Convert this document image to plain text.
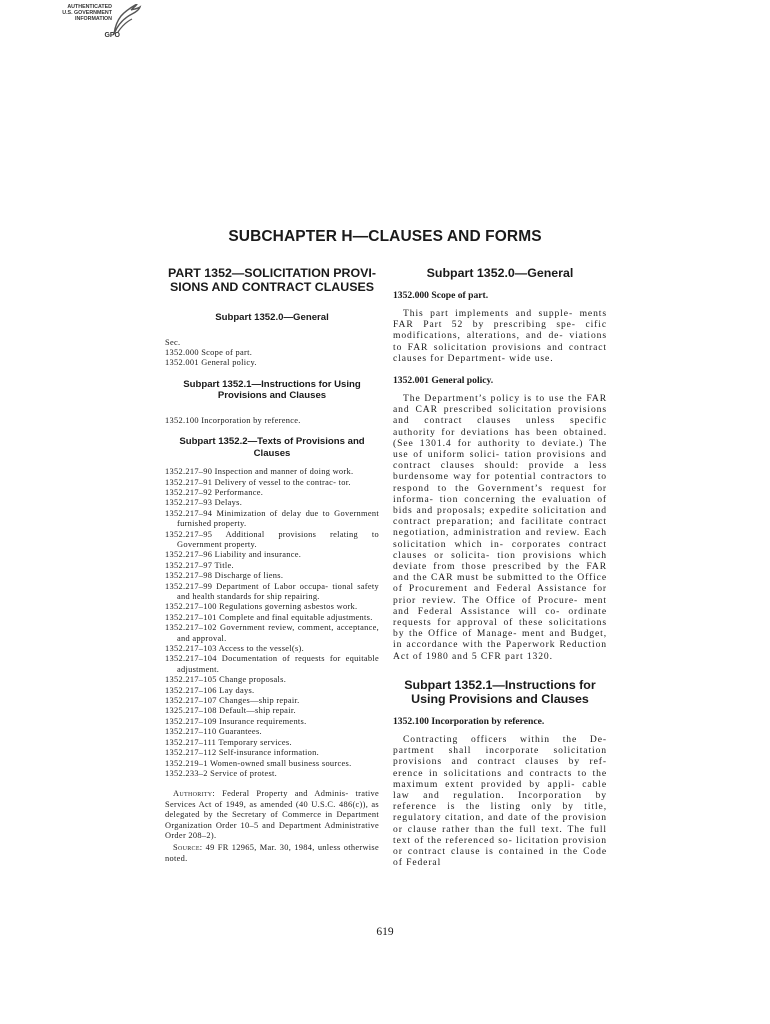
AUTHENTICATED
U.S. GOVERNMENT
INFORMATION
GPO
SUBCHAPTER H—CLAUSES AND FORMS
PART 1352—SOLICITATION PROVI- SIONS AND CONTRACT CLAUSES
Subpart 1352.0—General
Sec.
1352.000 Scope of part.
1352.001 General policy.
Subpart 1352.1—Instructions for Using Provisions and Clauses
1352.100 Incorporation by reference.
Subpart 1352.2—Texts of Provisions and Clauses
1352.217–90 Inspection and manner of doing work.
1352.217–91 Delivery of vessel to the contrac- tor.
1352.217–92 Performance.
1352.217–93 Delays.
1352.217–94 Minimization of delay due to Government furnished property.
1352.217–95 Additional provisions relating to Government property.
1352.217–96 Liability and insurance.
1352.217–97 Title.
1352.217–98 Discharge of liens.
1352.217–99 Department of Labor occupa- tional safety and health standards for ship repairing.
1352.217–100 Regulations governing asbestos work.
1352.217–101 Complete and final equitable adjustments.
1352.217–102 Government review, comment, acceptance, and approval.
1352.217–103 Access to the vessel(s).
1352.217–104 Documentation of requests for equitable adjustment.
1352.217–105 Change proposals.
1352.217–106 Lay days.
1352.217–107 Changes—ship repair.
1325.217–108 Default—ship repair.
1352.217–109 Insurance requirements.
1352.217–110 Guarantees.
1352.217–111 Temporary services.
1352.217–112 Self-insurance information.
1352.219–1 Women-owned small business sources.
1352.233–2 Service of protest.
Authority: Federal Property and Adminis- trative Services Act of 1949, as amended (40 U.S.C. 486(c)), as delegated by the Secretary of Commerce in Department Organization Order 10–5 and Department Administrative Order 208–2).
Source: 49 FR 12965, Mar. 30, 1984, unless otherwise noted.
Subpart 1352.0—General
1352.000 Scope of part.
This part implements and supple- ments FAR Part 52 by prescribing spe- cific modifications, alterations, and de- viations to FAR solicitation provisions and contract clauses for Department- wide use.
1352.001 General policy.
The Department’s policy is to use the FAR and CAR prescribed solicitation provisions and contract clauses unless specific authority for deviations has been obtained. (See 1301.4 for authority to deviate.) The use of uniform solici- tation provisions and contract clauses should: provide a less burdensome way for potential contractors to respond to the Government’s request for informa- tion concerning the evaluation of bids and proposals; expedite solicitation and contract preparation; and facilitate contract negotiation, administration and review. Each solicitation which in- corporates contract clauses or solicita- tion provisions which deviate from those prescribed by the FAR and the CAR must be submitted to the Office of Procurement and Federal Assistance for prior review. The Office of Procure- ment and Federal Assistance will co- ordinate requests for approval of these solicitations by the Office of Manage- ment and Budget, in accordance with the Paperwork Reduction Act of 1980 and 5 CFR part 1320.
Subpart 1352.1—Instructions for Using Provisions and Clauses
1352.100 Incorporation by reference.
Contracting officers within the De- partment shall incorporate solicitation provisions and contract clauses by ref- erence in solicitations and contracts to the maximum extent provided by appli- cable law and regulation. Incorporation by reference is the listing only by title, regulatory citation, and date of the provision or clause rather than the full text. The full text of the referenced so- licitation provision or contract clause is contained in the Code of Federal
619
